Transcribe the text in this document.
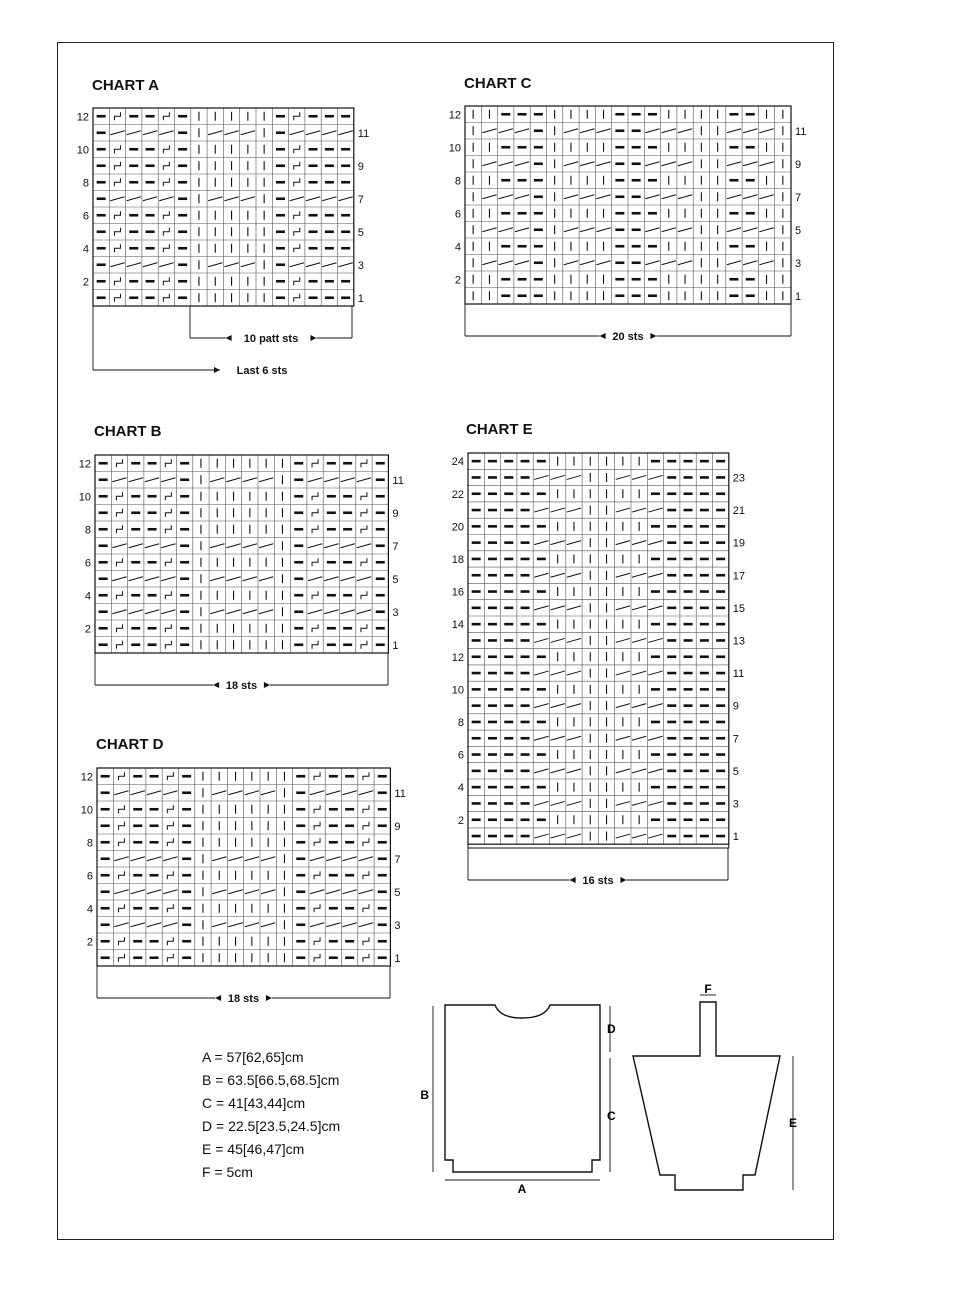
CHART A
12
10
8
6
4
2
11
9
7
5
3
1
10 patt sts
Last 6 sts
CHART B
12
10
8
6
4
2
11
9
7
5
3
1
18 sts
CHART C
12
10
8
6
4
2
11
9
7
5
3
1
20 sts
CHART D
12
10
8
6
4
2
11
9
7
5
3
1
18 sts
CHART E
24
22
20
18
16
14
12
10
8
6
4
2
23
21
19
17
15
13
11
9
7
5
3
1
16 sts
B
D
C
A
F
E
A = 57[62,65]cm
B = 63.5[66.5,68.5]cm
C = 41[43,44]cm
D = 22.5[23.5,24.5]cm
E = 45[46,47]cm
F = 5cm
